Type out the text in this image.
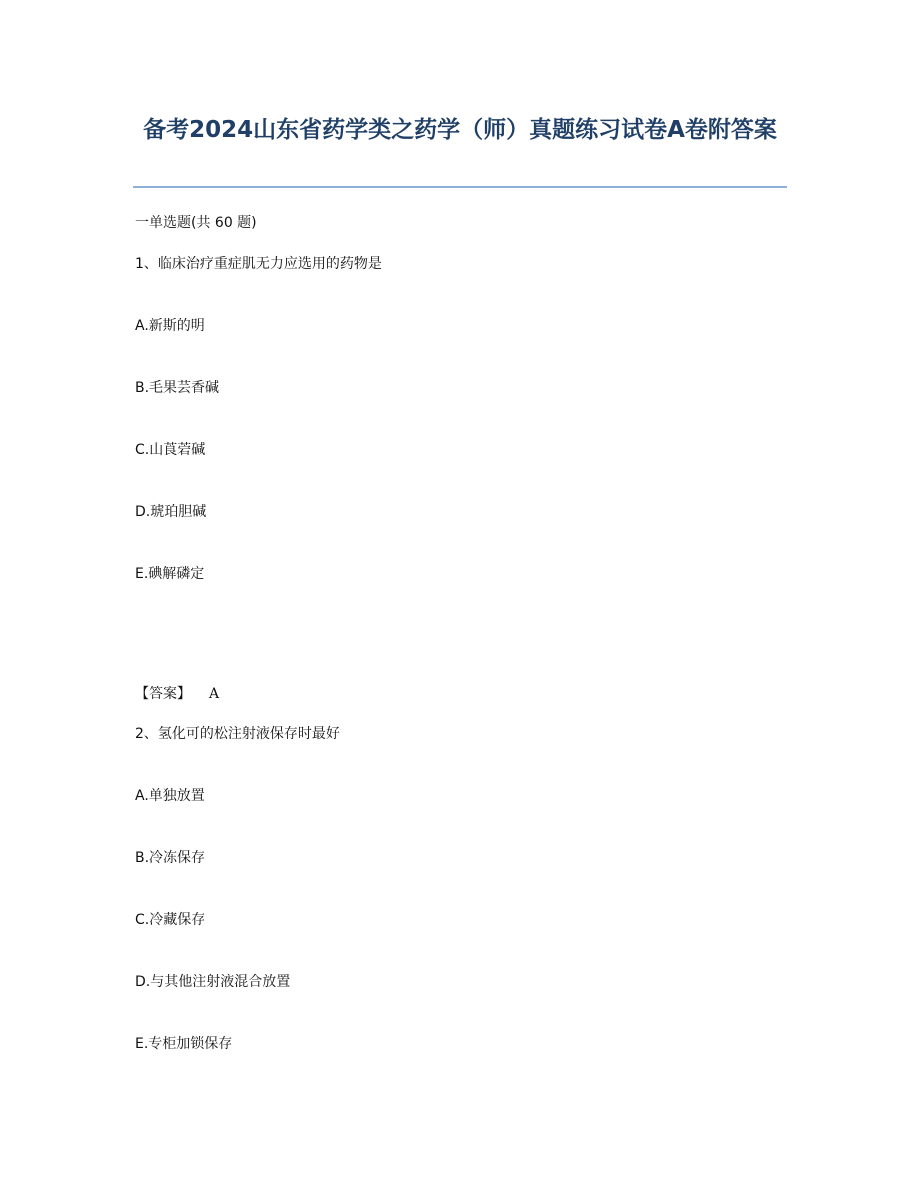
备考2024山东省药学类之药学（师）真题练习试卷A卷附答案
一单选题(共 60 题)
1、临床治疗重症肌无力应选用的药物是
A.新斯的明
B.毛果芸香碱
C.山莨菪碱
D.琥珀胆碱
E.碘解磷定
【答案】 A
2、氢化可的松注射液保存时最好
A.单独放置
B.冷冻保存
C.冷藏保存
D.与其他注射液混合放置
E.专柜加锁保存
